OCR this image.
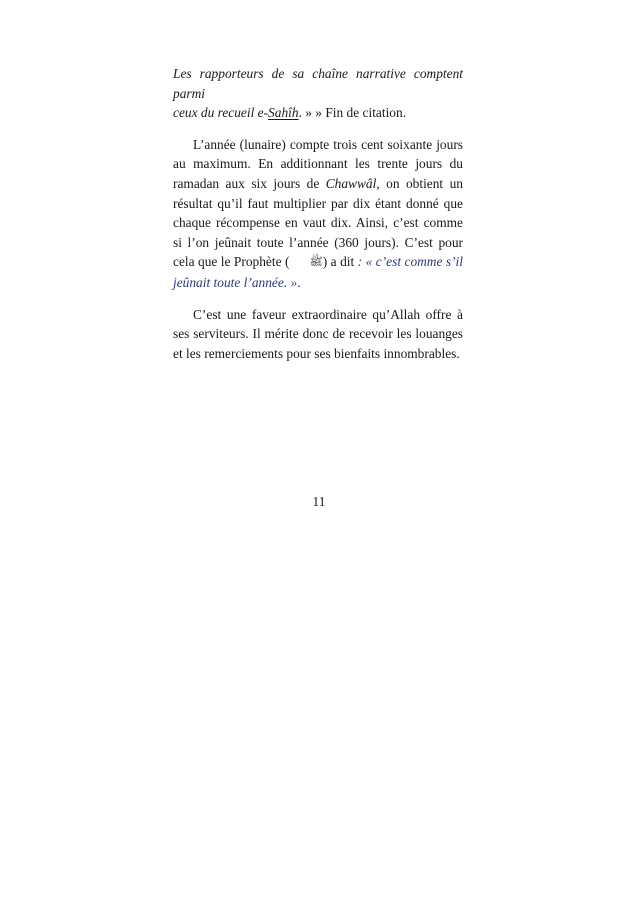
Les rapporteurs de sa chaîne narrative comptent parmi
ceux du recueil e-Sahîh. » » Fin de citation.

L’année (lunaire) compte trois cent soixante jours au maximum. En additionnant les trente jours du ramadan aux six jours de Chawwâl, on obtient un résultat qu’il faut multiplier par dix étant donné que chaque récompense en vaut dix. Ainsi, c’est comme si l’on jeûnait toute l’année (360 jours). C’est pour cela que le Prophète ( ﷺ) a dit : « c’est comme s’il jeûnait toute l’année. ».

C’est une faveur extraordinaire qu’Allah offre à ses serviteurs. Il mérite donc de recevoir les louanges et les remerciements pour ses bienfaits innombrables.

11
